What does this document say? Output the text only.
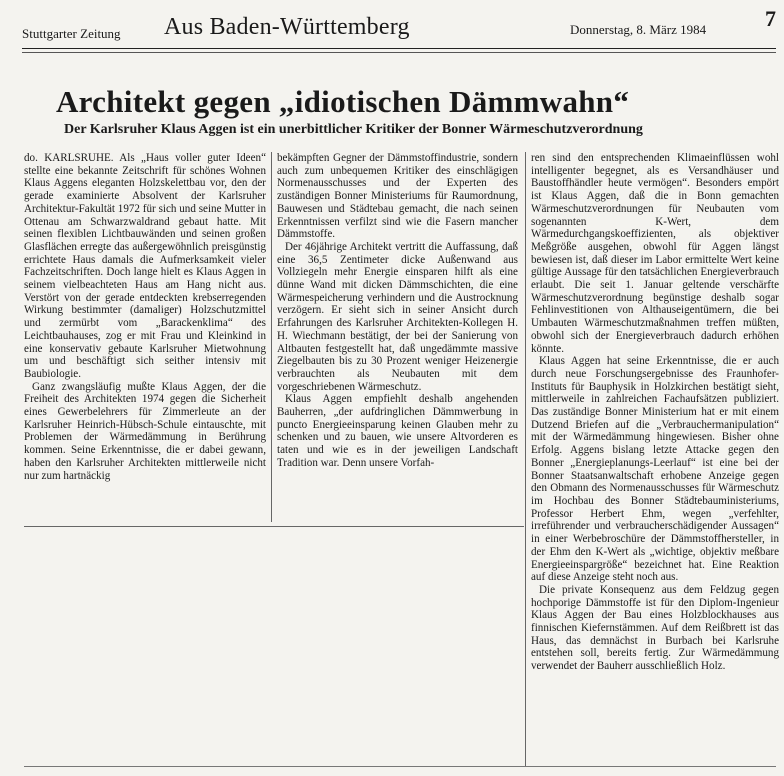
Stuttgarter Zeitung Aus Baden-Württemberg	Donnerstag, 8. März 1984	7
Architekt gegen „idiotischen Dämmwahn“
Der Karlsruher Klaus Aggen ist ein unerbittlicher Kritiker der Bonner Wärmeschutzverordnung

do. KARLSRUHE. Als „Haus voller guter Ideen“ stellte eine bekannte Zeitschrift für schönes Wohnen Klaus Aggens eleganten Holzskelettbau vor, den der gerade examinierte Absolvent der Karlsruher Architektur-Fakultät 1972 für sich und seine Mutter in Ottenau am Schwarzwaldrand gebaut hatte. Mit seinen flexiblen Lichtbauwänden und seinen großen Glasflächen erregte das außergewöhnlich preisgünstig errichtete Haus damals die Aufmerksamkeit vieler Fachzeitschriften. Doch lange hielt es Klaus Aggen in seinem vielbeachteten Haus am Hang nicht aus. Verstört von der gerade entdeckten krebserregenden Wirkung bestimmter (damaliger) Holzschutzmittel und zermürbt vom „Barackenklima“ des Leichtbauhauses, zog er mit Frau und Kleinkind in eine konservativ gebaute Karlsruher Mietwohnung um und beschäftigt sich seither intensiv mit Baubiologie.

Ganz zwangsläufig mußte Klaus Aggen, der die Freiheit des Architekten 1974 gegen die Sicherheit eines Gewerbelehrers für Zimmerleute an der Karlsruher Heinrich-Hübsch-Schule eintauschte, mit Problemen der Wärmedämmung in Berührung kommen. Seine Erkenntnisse, die er dabei gewann, haben den Karlsruher Architekten mittlerweile nicht nur zum hartnäckig

bekämpften Gegner der Dämmstoffindustrie, sondern auch zum unbequemen Kritiker des einschlägigen Normenausschusses und der Experten des zuständigen Bonner Ministeriums für Raumordnung, Bauwesen und Städtebau gemacht, die nach seinen Erkenntnissen verfilzt sind wie die Fasern mancher Dämmstoffe.

Der 46jährige Architekt vertritt die Auffassung, daß eine 36,5 Zentimeter dicke Außenwand aus Vollziegeln mehr Energie einsparen hilft als eine dünne Wand mit dicken Dämmschichten, die eine Wärmespeicherung verhindern und die Austrocknung verzögern. Er sieht sich in seiner Ansicht durch Erfahrungen des Karlsruher Architekten-Kollegen H. H. Wiechmann bestätigt, der bei der Sanierung von Altbauten festgestellt hat, daß ungedämmte massive Ziegelbauten bis zu 30 Prozent weniger Heizenergie verbrauchten als Neubauten mit dem vorgeschriebenen Wärmeschutz.

Klaus Aggen empfiehlt deshalb angehenden Bauherren, „der aufdringlichen Dämmwerbung in puncto Energieeinsparung keinen Glauben mehr zu schenken und zu bauen, wie unsere Altvorderen es taten und wie es in der jeweiligen Landschaft Tradition war. Denn unsere Vorfah-

ren sind den entsprechenden Klimaeinflüssen wohl intelligenter begegnet, als es Versandhäuser und Baustoffhändler heute vermögen“. Besonders empört ist Klaus Aggen, daß die in Bonn gemachten Wärmeschutzverordnungen für Neubauten vom sogenannten K-Wert, dem Wärmedurchgangskoeffizienten, als objektiver Meßgröße ausgehen, obwohl für Aggen längst bewiesen ist, daß dieser im Labor ermittelte Wert keine gültige Aussage für den tatsächlichen Energieverbrauch erlaubt. Die seit 1. Januar geltende verschärfte Wärmeschutzverordnung begünstige deshalb sogar Fehlinvestitionen von Althauseigentümern, die bei Umbauten Wärmeschutzmaßnahmen treffen müßten, obwohl sich der Energieverbrauch dadurch erhöhen könnte.

Klaus Aggen hat seine Erkenntnisse, die er auch durch neue Forschungsergebnisse des Fraunhofer-Instituts für Bauphysik in Holzkirchen bestätigt sieht, mittlerweile in zahlreichen Fachaufsätzen publiziert. Das zuständige Bonner Ministerium hat er mit einem Dutzend Briefen auf die „Verbrauchermanipulation“ mit der Wärmedämmung hingewiesen. Bisher ohne Erfolg. Aggens bislang letzte Attacke gegen den Bonner „Energieplanungs-Leerlauf“ ist eine bei der Bonner Staatsanwaltschaft erhobene Anzeige gegen den Obmann des Normenausschusses für Wärmeschutz im Hochbau des Bonner Städtebauministeriums, Professor Herbert Ehm, wegen „verfehlter, irreführender und verbraucherschädigender Aussagen“ in einer Werbebroschüre der Dämmstoffhersteller, in der Ehm den K-Wert als „wichtige, objektiv meßbare Energieeinspargröße“ bezeichnet hat. Eine Reaktion auf diese Anzeige steht noch aus.

Die private Konsequenz aus dem Feldzug gegen hochporige Dämmstoffe ist für den Diplom-Ingenieur Klaus Aggen der Bau eines Holzblockhauses aus finnischen Kiefernstämmen. Auf dem Reißbrett ist das Haus, das demnächst in Burbach bei Karlsruhe entstehen soll, bereits fertig. Zur Wärmedämmung verwendet der Bauherr ausschließlich Holz.
